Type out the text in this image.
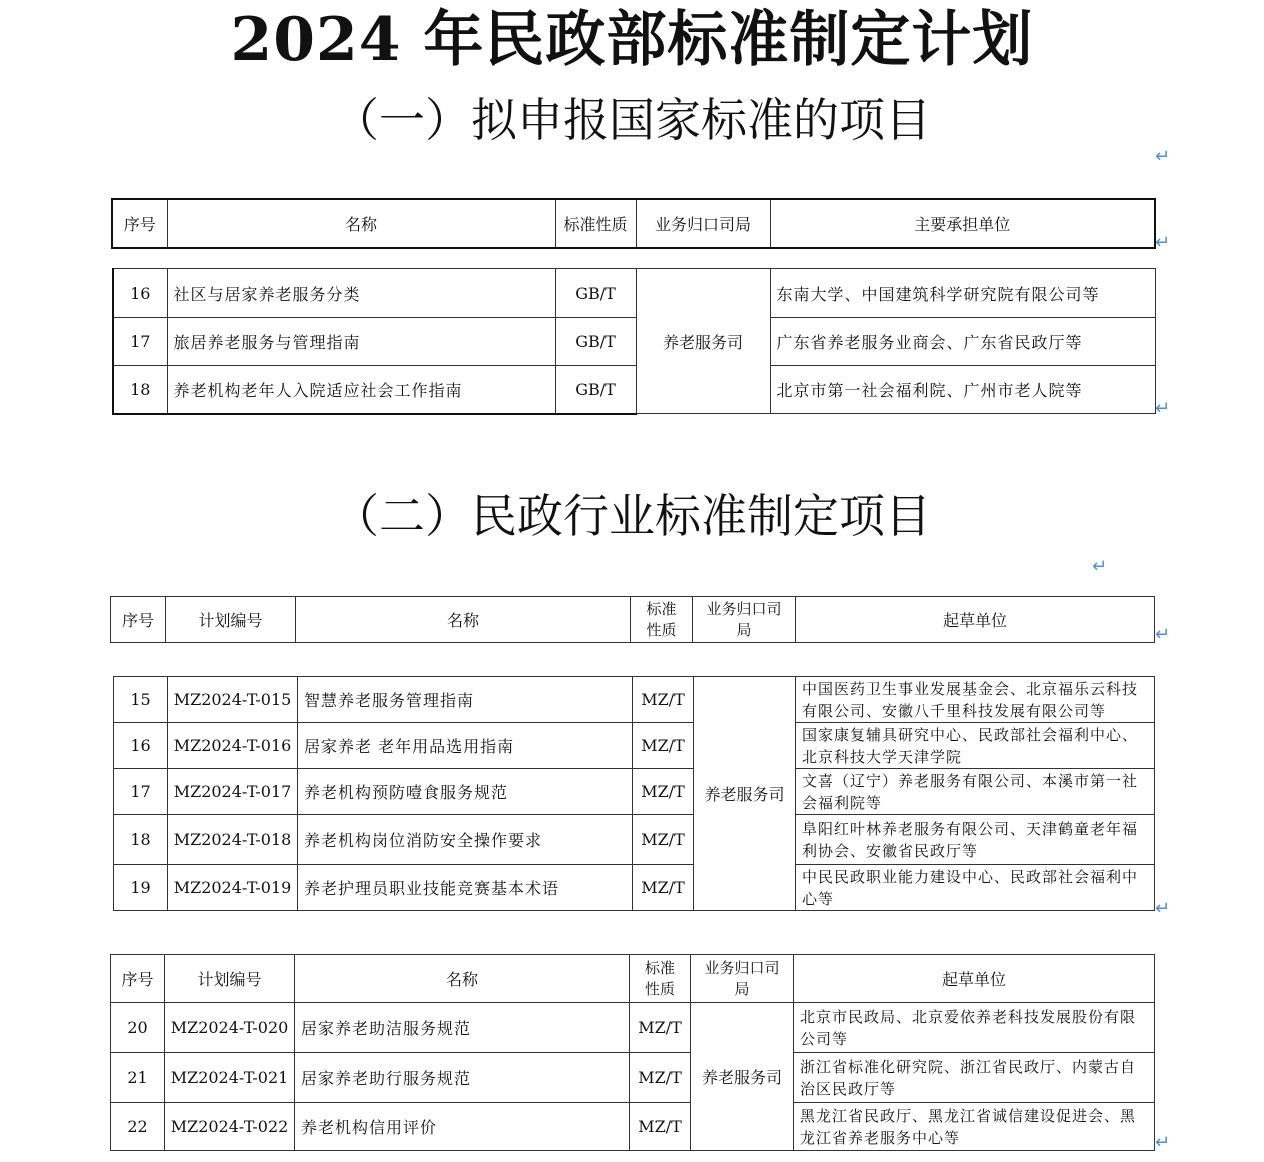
2024 年民政部标准制定计划
（一）拟申报国家标准的项目
↵
序号	名称	标准性质	业务归口司局	主要承担单位
↵
16	社区与居家养老服务分类	GB/T	养老服务司	东南大学、中国建筑科学研究院有限公司等
17	旅居养老服务与管理指南	GB/T		广东省养老服务业商会、广东省民政厅等
18	养老机构老年人入院适应社会工作指南	GB/T		北京市第一社会福利院、广州市老人院等
↵
（二）民政行业标准制定项目
↵
序号	计划编号	名称	标准性质	业务归口司局	起草单位
↵
15	MZ2024-T-015	智慧养老服务管理指南	MZ/T	养老服务司	中国医药卫生事业发展基金会、北京福乐云科技有限公司、安徽八千里科技发展有限公司等
16	MZ2024-T-016	居家养老 老年用品选用指南	MZ/T		国家康复辅具研究中心、民政部社会福利中心、北京科技大学天津学院
17	MZ2024-T-017	养老机构预防噎食服务规范	MZ/T		文喜（辽宁）养老服务有限公司、本溪市第一社会福利院等
18	MZ2024-T-018	养老机构岗位消防安全操作要求	MZ/T		阜阳红叶林养老服务有限公司、天津鹤童老年福利协会、安徽省民政厅等
19	MZ2024-T-019	养老护理员职业技能竞赛基本术语	MZ/T		中民民政职业能力建设中心、民政部社会福利中心等	↵
序号	计划编号	名称	标准性质	业务归口司局	起草单位
20	MZ2024-T-020	居家养老助洁服务规范	MZ/T	养老服务司	北京市民政局、北京爱依养老科技发展股份有限公司等
21	MZ2024-T-021	居家养老助行服务规范	MZ/T		浙江省标准化研究院、浙江省民政厅、内蒙古自治区民政厅等
22	MZ2024-T-022	养老机构信用评价	MZ/T		黑龙江省民政厅、黑龙江省诚信建设促进会、黑龙江省养老服务中心等	↵
